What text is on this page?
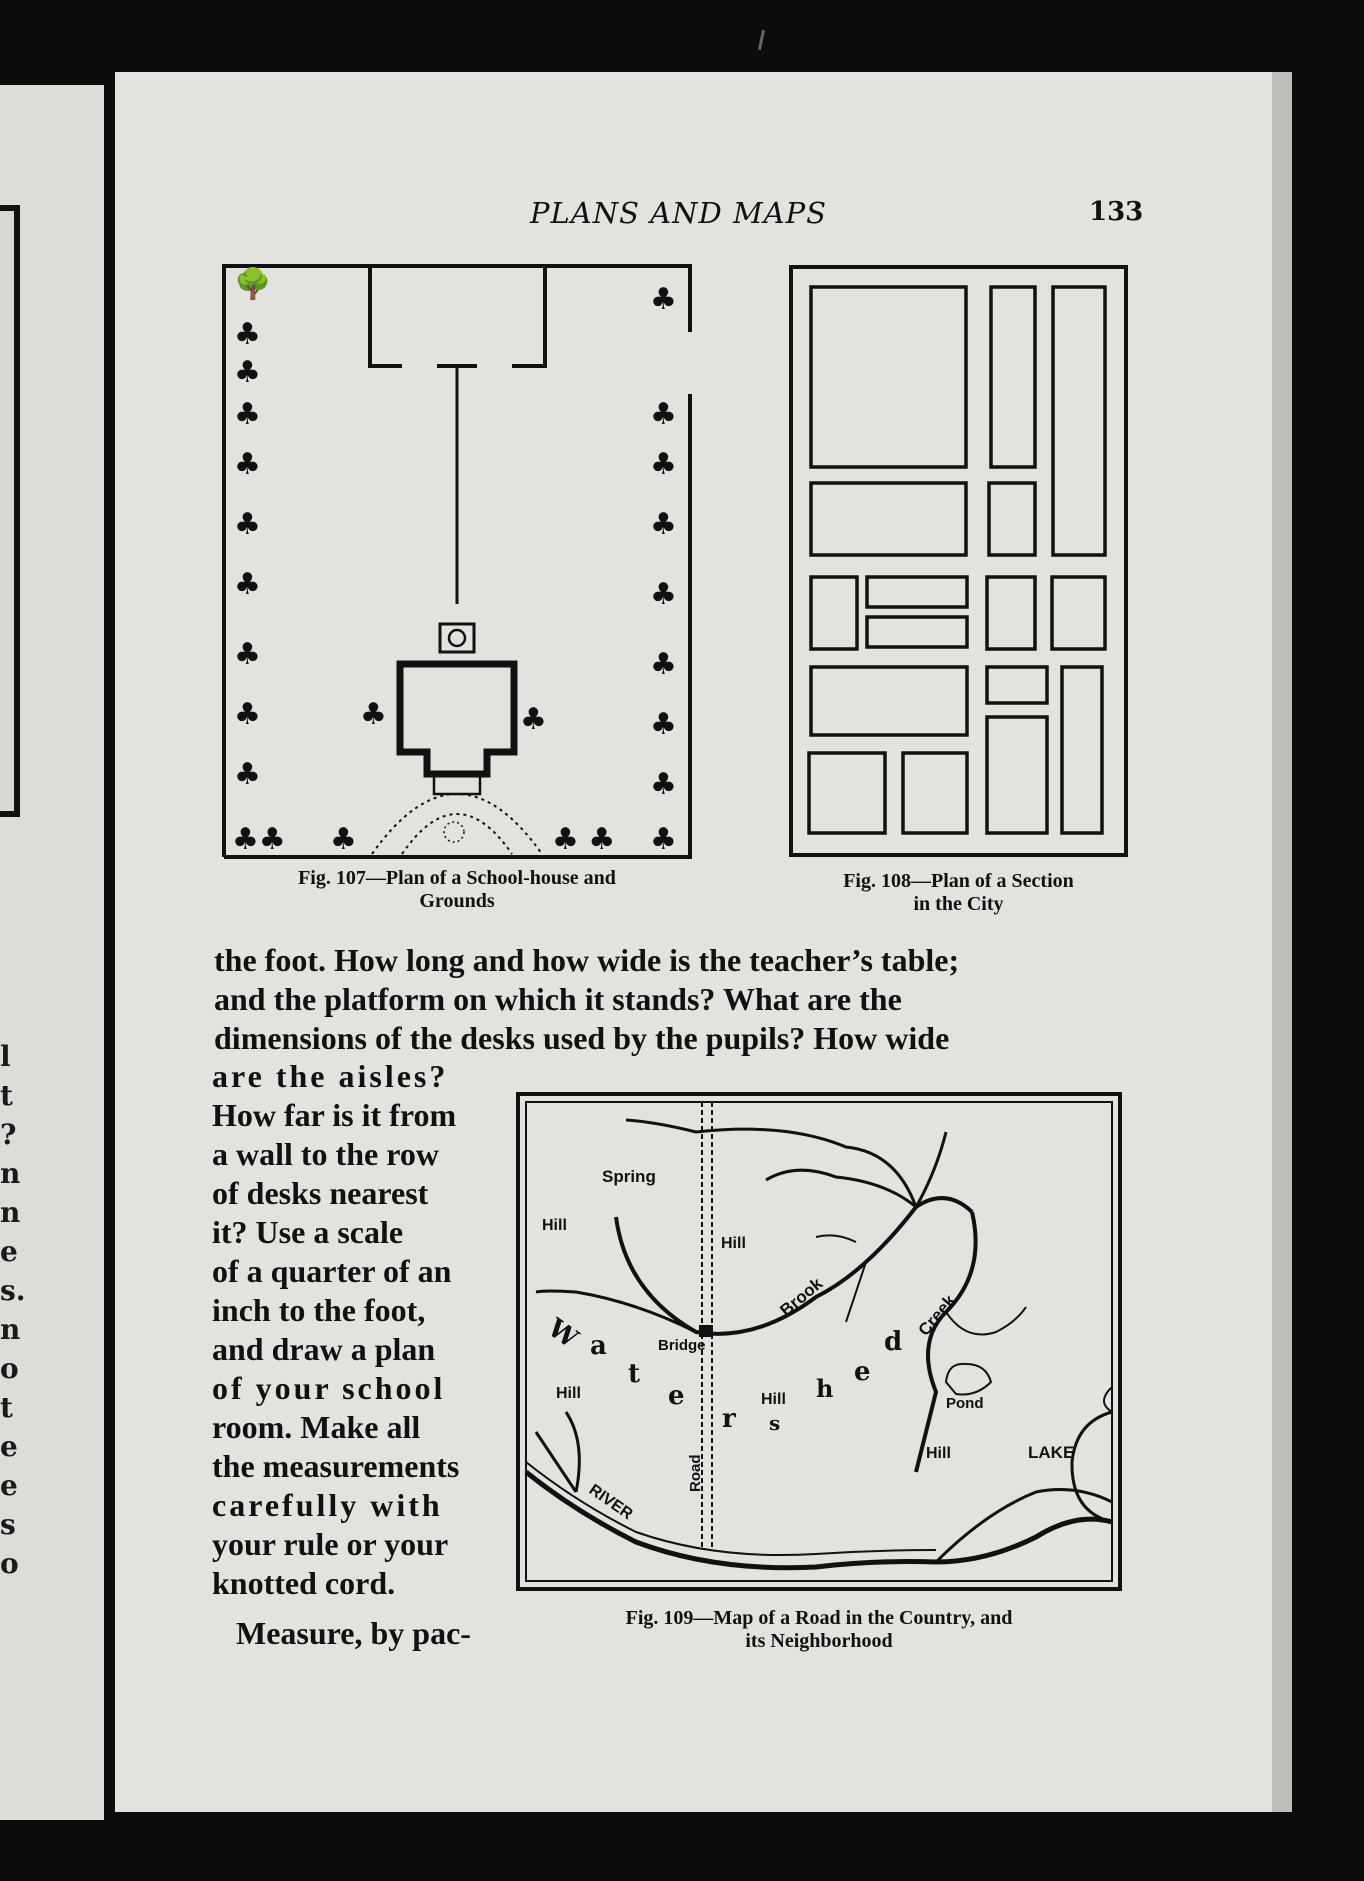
l
t
?
n
n
e
s.
n
o
t
e
e
s
o
PLANS AND MAPS	133
🌳
♣
♣
♣
♣
♣
♣
♣
♣
♣
♣♣ ♣
♣
♣
♣
♣
♣
♣
♣
♣
♣
♣ ♣
♣	♣
Fig. 107—Plan of a School-house and
Grounds
Fig. 108—Plan of a Section
in the City
the foot. How long and how wide is the teacher’s table;
and the platform on which it stands? What are the
dimensions of the desks used by the pupils? How wide
are the aisles?
How far is it from
a wall to the row
of desks nearest
it? Use a scale
of a quarter of an
inch to the foot,
and draw a plan
of your school
room. Make all
the measurements
carefully with
your rule or your
knotted cord.
Measure, by pac-
Spring
Hill
Hill
Hill	Hill
Hill
Brook
Bridge
Creek
Pond
LAKE
RIVER
Road
W a
t
e
r s
h
e
d
Fig. 109—Map of a Road in the Country, and
its Neighborhood
